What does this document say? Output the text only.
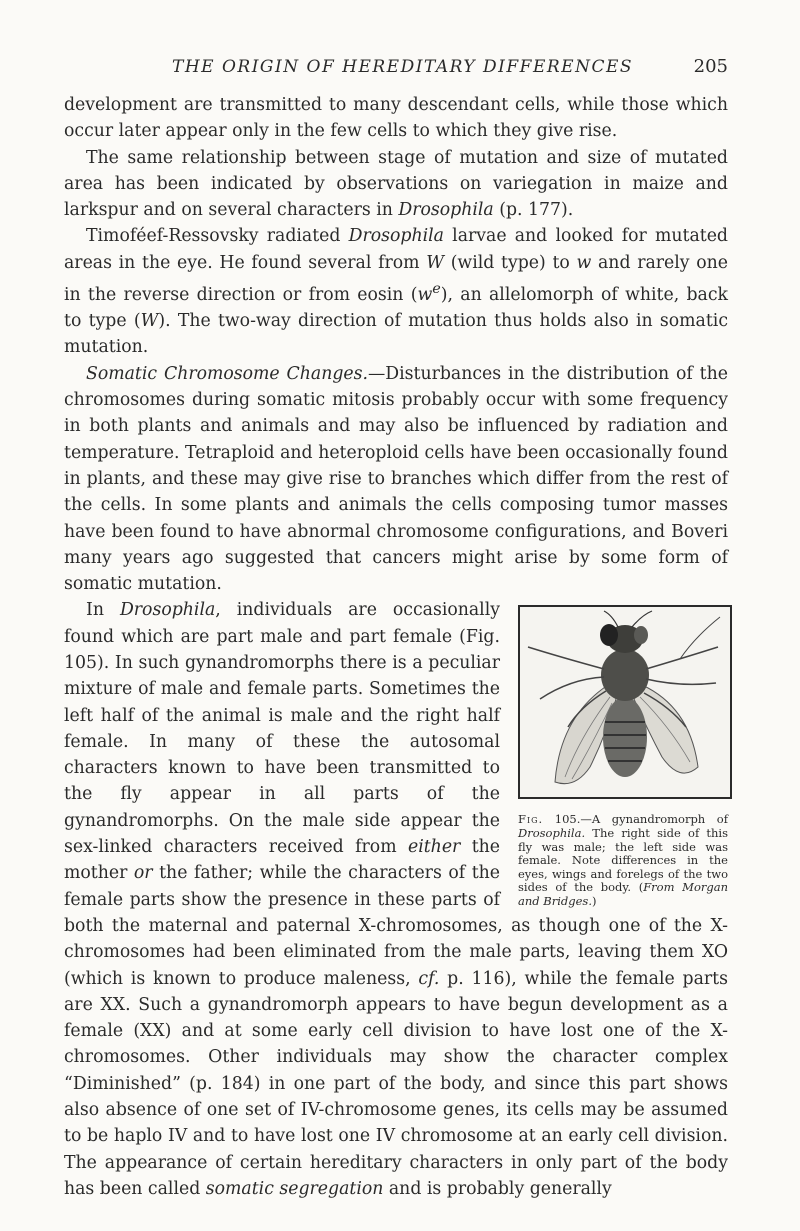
THE ORIGIN OF HEREDITARY DIFFERENCES	205

development are transmitted to many descendant cells, while those which occur later appear only in the few cells to which they give rise.

The same relationship between stage of mutation and size of mutated area has been indicated by observations on variegation in maize and larkspur and on several characters in Drosophila (p. 177).

Timoféef-Ressovsky radiated Drosophila larvae and looked for mutated areas in the eye. He found several from W (wild type) to w and rarely one in the reverse direction or from eosin $(w^e)$, an allelomorph of white, back to type (W). The two-way direction of mutation thus holds also in somatic mutation.

Somatic Chromosome Changes.—Disturbances in the distribution of the chromosomes during somatic mitosis probably occur with some frequency in both plants and animals and may also be influenced by radiation and temperature. Tetraploid and heteroploid cells have been occasionally found in plants, and these may give rise to branches which differ from the rest of the cells. In some plants and animals the cells composing tumor masses have been found to have abnormal chromosome configurations, and Boveri many years ago suggested that cancers might arise by some form of somatic mutation.

Fig. 105.—A gynandromorph of Drosophila. The right side of this fly was male; the left side was female. Note differences in the eyes, wings and forelegs of the two sides of the body. (From Morgan and Bridges.)

In Drosophila, individuals are occasionally found which are part male and part female (Fig. 105). In such gynandromorphs there is a peculiar mixture of male and female parts. Sometimes the left half of the animal is male and the right half female. In many of these the autosomal characters known to have been transmitted to the fly appear in all parts of the gynandromorphs. On the male side appear the sex-linked characters received from either the mother or the father; while the characters of the female parts show the presence in these parts of both the maternal and paternal X-chromosomes, as though one of the X-chromosomes had been eliminated from the male parts, leaving them XO (which is known to produce maleness, cf. p. 116), while the female parts are XX. Such a gynandromorph appears to have begun development as a female (XX) and at some early cell division to have lost one of the X-chromosomes. Other individuals may show the character complex “Diminished” (p. 184) in one part of the body, and since this part shows also absence of one set of IV-chromosome genes, its cells may be assumed to be haplo IV and to have lost one IV chromosome at an early cell division. The appearance of certain hereditary characters in only part of the body has been called somatic segregation and is probably generally
